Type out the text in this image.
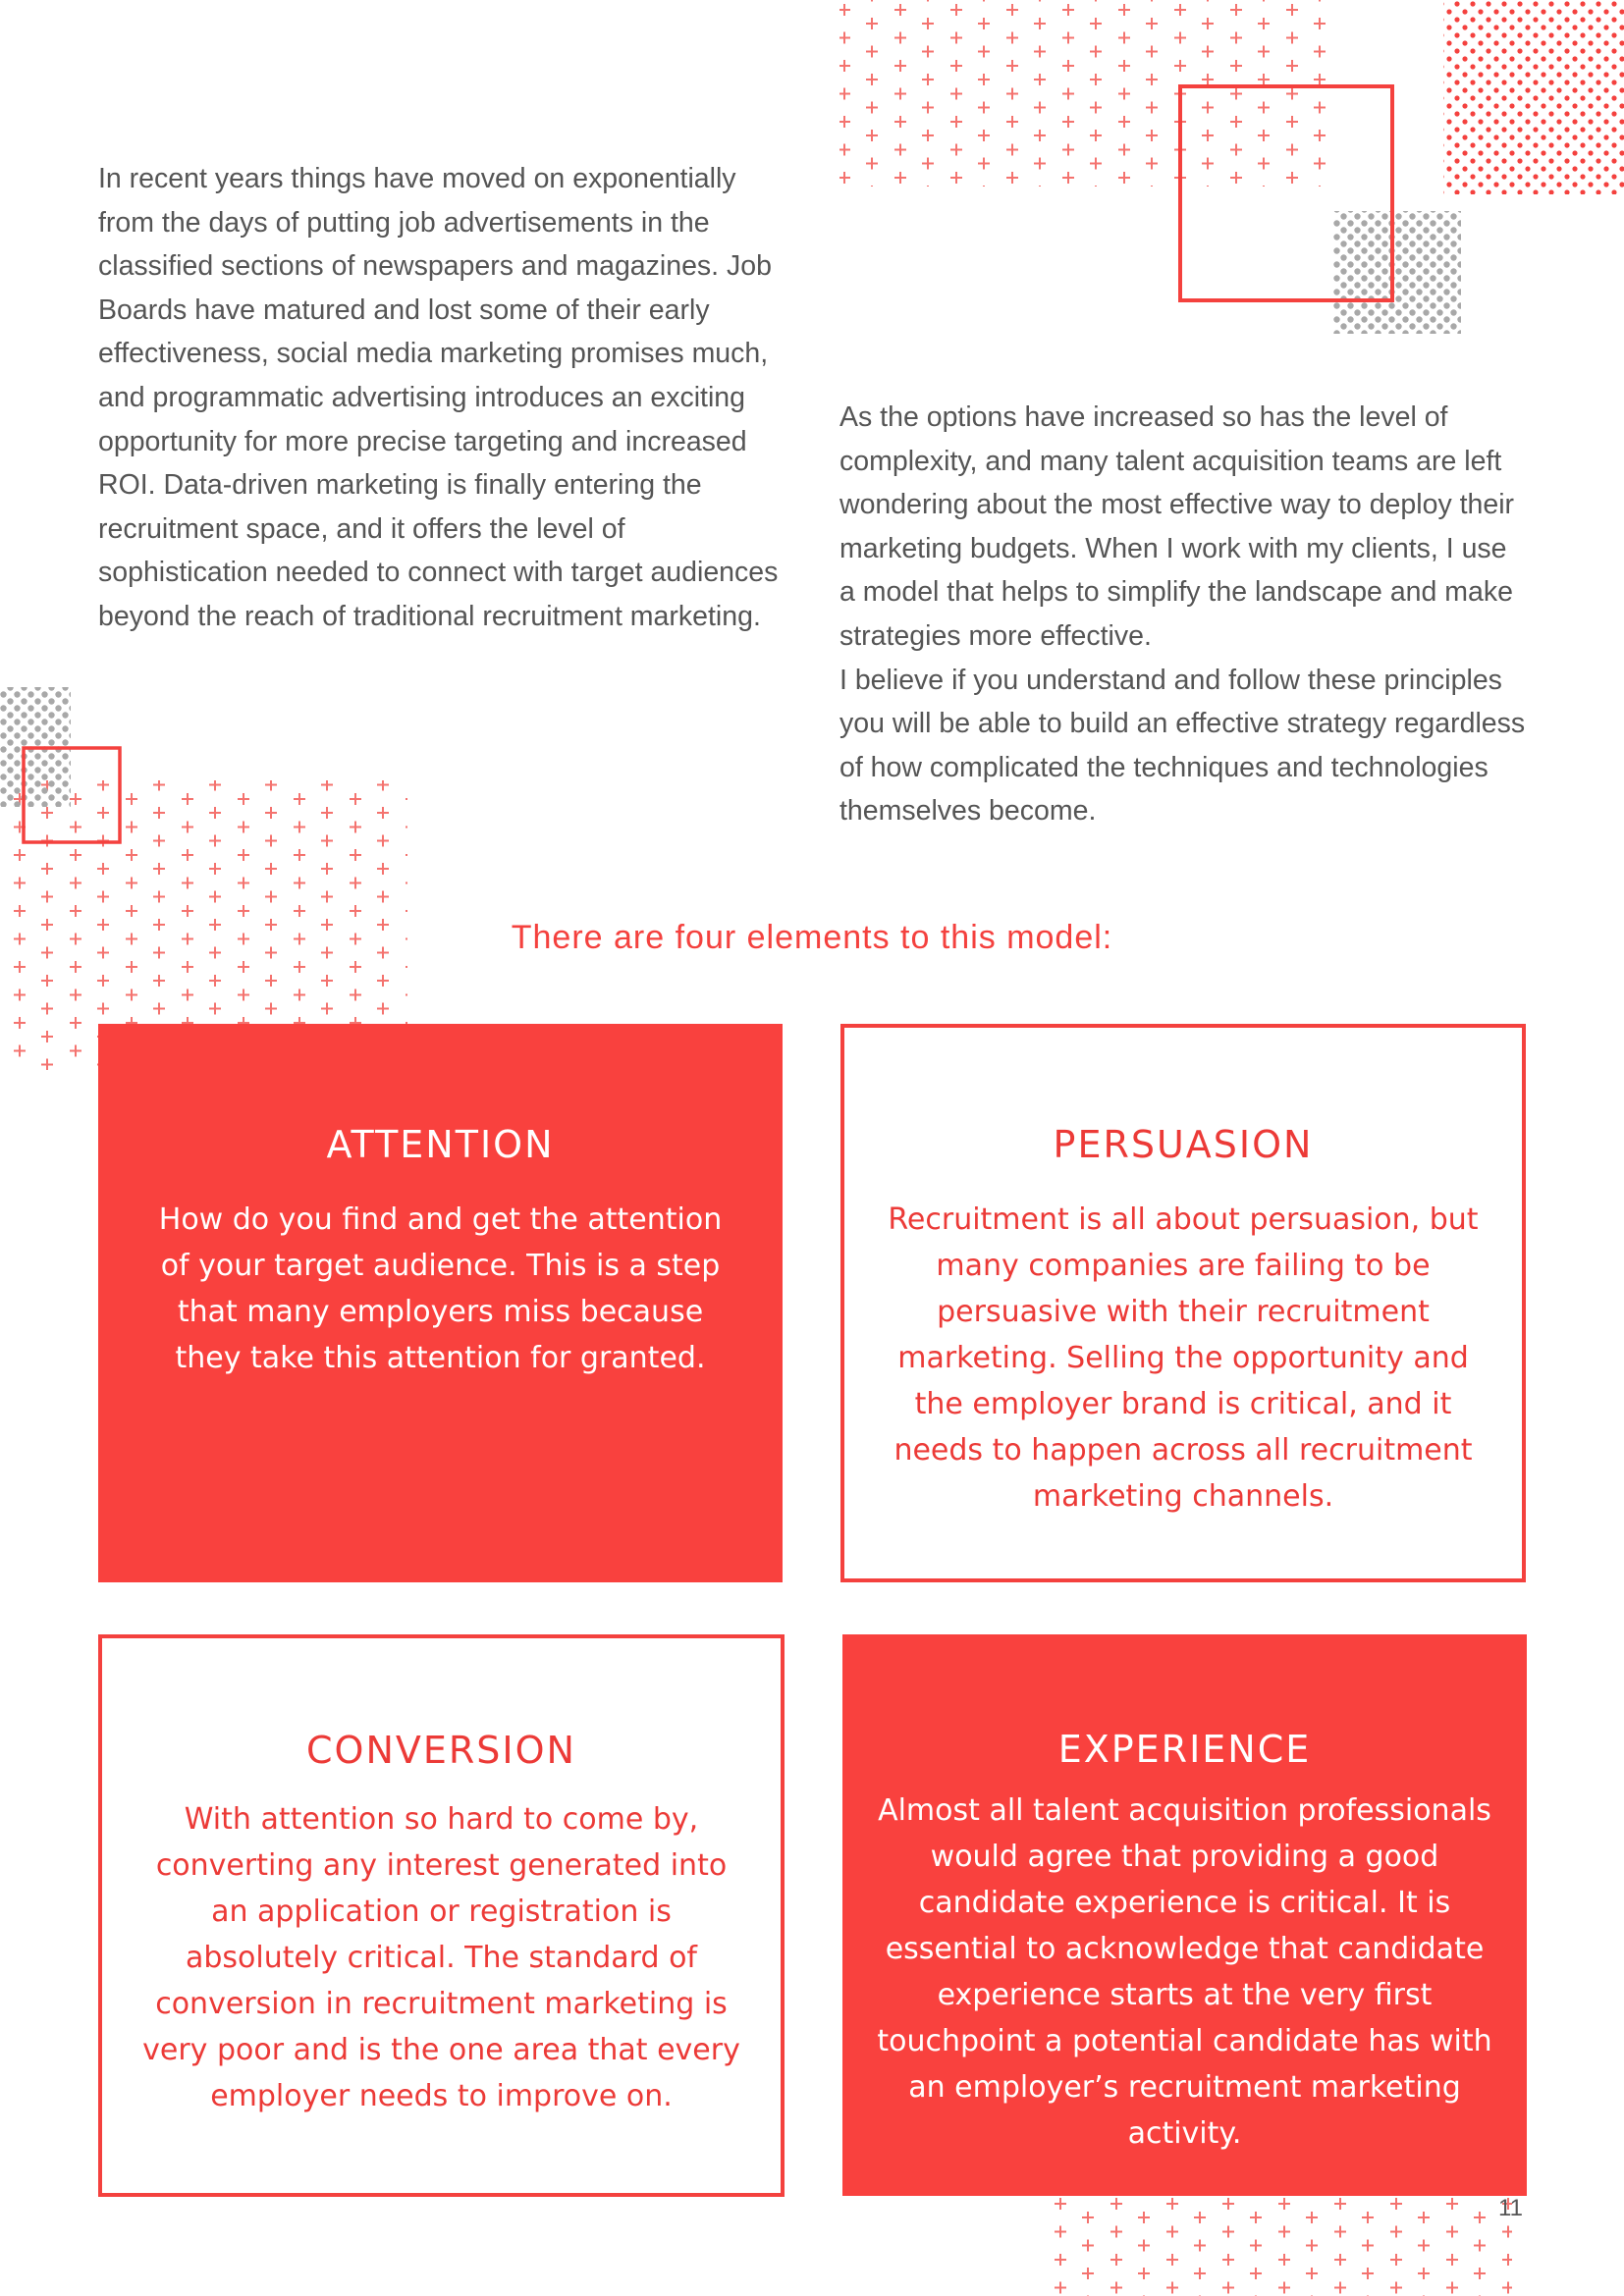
In recent years things have moved on exponentially from the days of putting job advertisements in the classified sections of newspapers and magazines. Job Boards have matured and lost some of their early effectiveness, social media marketing promises much, and programmatic advertising introduces an exciting opportunity for more precise targeting and increased ROI. Data-driven marketing is finally entering the recruitment space, and it offers the level of sophistication needed to connect with target audiences beyond the reach of traditional recruitment marketing.

As the options have increased so has the level of complexity, and many talent acquisition teams are left wondering about the most effective way to deploy their marketing budgets. When I work with my clients, I use a model that helps to simplify the landscape and make strategies more effective.

I believe if you understand and follow these principles you will be able to build an effective strategy regardless of how complicated the techniques and technologies themselves become.

There are four elements to this model:
ATTENTION

How do you find and get the attention of your target audience. This is a step that many employers miss because they take this attention for granted.

PERSUASION

Recruitment is all about persuasion, but many companies are failing to be persuasive with their recruitment marketing. Selling the opportunity and the employer brand is critical, and it needs to happen across all recruitment marketing channels.

CONVERSION

With attention so hard to come by, converting any interest generated into an application or registration is absolutely critical. The standard of conversion in recruitment marketing is very poor and is the one area that every employer needs to improve on.

EXPERIENCE

Almost all talent acquisition professionals would agree that providing a good candidate experience is critical. It is essential to acknowledge that candidate experience starts at the very first touchpoint a potential candidate has with an employer’s recruitment marketing activity.

11
